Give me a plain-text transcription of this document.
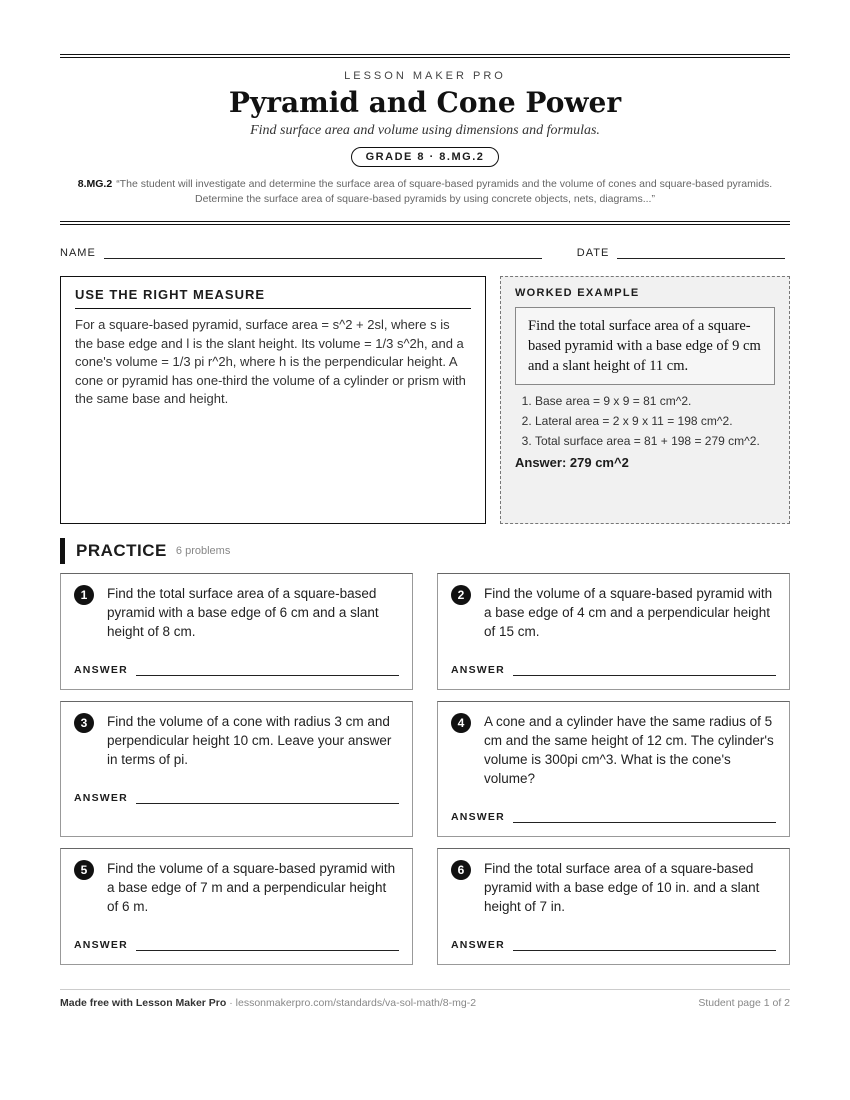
LESSON MAKER PRO
Pyramid and Cone Power
Find surface area and volume using dimensions and formulas.
GRADE 8 · 8.MG.2
8.MG.2 “The student will investigate and determine the surface area of square-based pyramids and the volume of cones and square-based pyramids. Determine the surface area of square-based pyramids by using concrete objects, nets, diagrams...”
NAME	DATE
USE THE RIGHT MEASURE
For a square-based pyramid, surface area = s^2 + 2sl, where s is the base edge and l is the slant height. Its volume = 1/3 s^2h, and a cone's volume = 1/3 pi r^2h, where h is the perpendicular height. A cone or pyramid has one-third the volume of a cylinder or prism with the same base and height.
WORKED EXAMPLE
Find the total surface area of a square-based pyramid with a base edge of 9 cm and a slant height of 11 cm.
1. Base area = 9 x 9 = 81 cm^2.
2. Lateral area = 2 x 9 x 11 = 198 cm^2.
3. Total surface area = 81 + 198 = 279 cm^2.
Answer: 279 cm^2
PRACTICE 6 problems
1	Find the total surface area of a square-based pyramid with a base edge of 6 cm and a slant height of 8 cm.
ANSWER
2	Find the volume of a square-based pyramid with a base edge of 4 cm and a perpendicular height of 15 cm.
ANSWER
3	Find the volume of a cone with radius 3 cm and perpendicular height 10 cm. Leave your answer in terms of pi.
ANSWER
4	A cone and a cylinder have the same radius of 5 cm and the same height of 12 cm. The cylinder's volume is 300pi cm^3. What is the cone's volume?
ANSWER
5	Find the volume of a square-based pyramid with a base edge of 7 m and a perpendicular height of 6 m.
ANSWER
6	Find the total surface area of a square-based pyramid with a base edge of 10 in. and a slant height of 7 in.
ANSWER
Made free with Lesson Maker Pro · lessonmakerpro.com/standards/va-sol-math/8-mg-2	Student page 1 of 2
